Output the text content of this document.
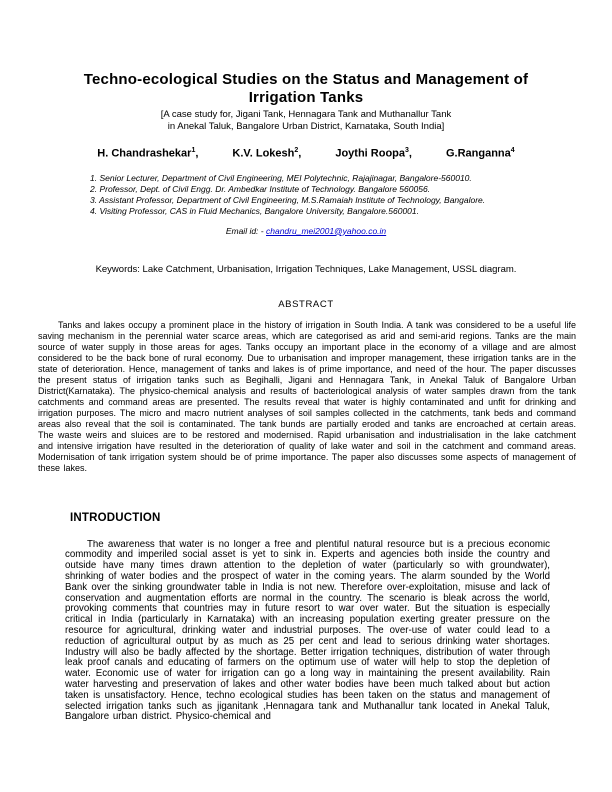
Techno-ecological Studies on the Status and Management of
Irrigation Tanks
[A case study for, Jigani Tank, Hennagara Tank and Muthanallur Tank
in Anekal Taluk, Bangalore Urban District, Karnataka, South India]
H. Chandrashekar$^1$,	K.V. Lokesh$^2$,	Joythi Roopa$^3$,	G.Ranganna$^4$
1. Senior Lecturer, Department of Civil Engineering, MEI Polytechnic, Rajajinagar, Bangalore-560010.
2. Professor, Dept. of Civil Engg. Dr. Ambedkar Institute of Technology. Bangalore 560056.
3. Assistant Professor, Department of Civil Engineering, M.S.Ramaiah Institute of Technology, Bangalore.
4. Visiting Professor, CAS in Fluid Mechanics, Bangalore University, Bangalore.560001.
Email id: - chandru_mei2001@yahoo.co.in
Keywords: Lake Catchment, Urbanisation, Irrigation Techniques, Lake Management, USSL diagram.
ABSTRACT
Tanks and lakes occupy a prominent place in the history of irrigation in South India. A tank was considered to be a useful life saving mechanism in the perennial water scarce areas, which are categorised as arid and semi-arid regions. Tanks are the main source of water supply in those areas for ages. Tanks occupy an important place in the economy of a village and are almost considered to be the back bone of rural economy. Due to urbanisation and improper management, these irrigation tanks are in the state of deterioration. Hence, management of tanks and lakes is of prime importance, and need of the hour. The paper discusses the present status of irrigation tanks such as Begihalli, Jigani and Hennagara Tank, in Anekal Taluk of Bangalore Urban District(Karnataka). The physico-chemical analysis and results of bacteriological analysis of water samples drawn from the tank catchments and command areas are presented. The results reveal that water is highly contaminated and unfit for drinking and irrigation purposes. The micro and macro nutrient analyses of soil samples collected in the catchments, tank beds and command areas also reveal that the soil is contaminated. The tank bunds are partially eroded and tanks are encroached at certain areas. The waste weirs and sluices are to be restored and modernised. Rapid urbanisation and industrialisation in the lake catchment and intensive irrigation have resulted in the deterioration of quality of lake water and soil in the catchment and command areas. Modernisation of tank irrigation system should be of prime importance. The paper also discusses some aspects of management of these lakes.
INTRODUCTION
The awareness that water is no longer a free and plentiful natural resource but is a precious economic commodity and imperiled social asset is yet to sink in. Experts and agencies both inside the country and outside have many times drawn attention to the depletion of water (particularly so with groundwater), shrinking of water bodies and the prospect of water in the coming years. The alarm sounded by the World Bank over the sinking groundwater table in India is not new. Therefore over-exploitation, misuse and lack of conservation and augmentation efforts are normal in the country. The scenario is bleak across the world, provoking comments that countries may in future resort to war over water. But the situation is especially critical in India (particularly in Karnataka) with an increasing population exerting greater pressure on the resource for agricultural, drinking water and industrial purposes. The over-use of water could lead to a reduction of agricultural output by as much as 25 per cent and lead to serious drinking water shortages. Industry will also be badly affected by the shortage. Better irrigation techniques, distribution of water through leak proof canals and educating of farmers on the optimum use of water will help to stop the depletion of water. Economic use of water for irrigation can go a long way in maintaining the present availability. Rain water harvesting and preservation of lakes and other water bodies have been much talked about but action taken is unsatisfactory. Hence, techno ecological studies has been taken on the status and management of selected irrigation tanks such as jiganitank ,Hennagara tank and Muthanallur tank located in Anekal Taluk, Bangalore urban district. Physico-chemical and
